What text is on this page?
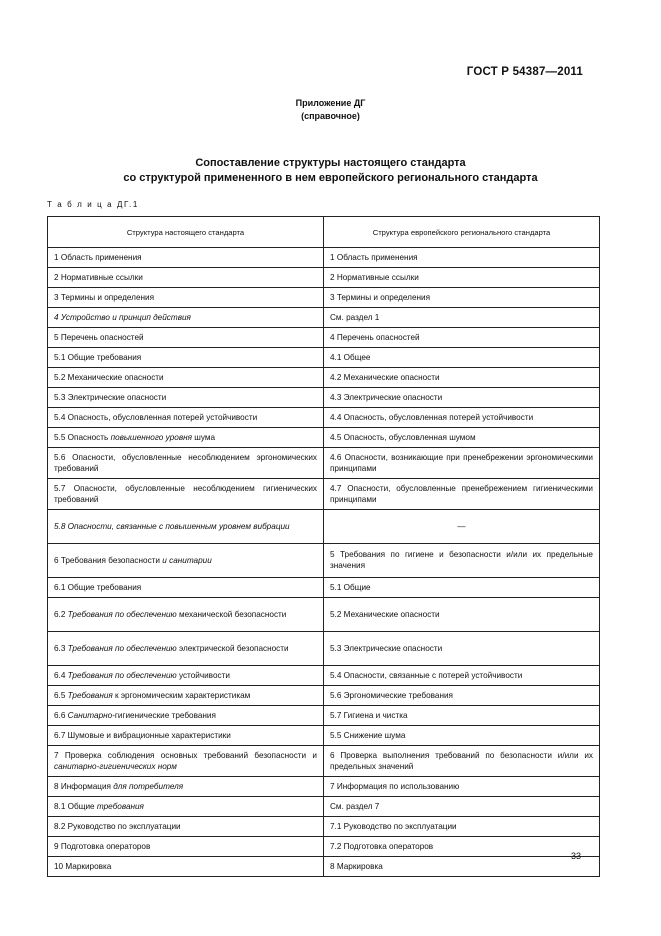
ГОСТ Р 54387—2011
Приложение ДГ
(справочное)
Сопоставление структуры настоящего стандарта
со структурой примененного в нем европейского регионального стандарта
Т а б л и ц а ДГ.1
Структура настоящего стандарта	Структура европейского регионального стандарта
1 Область применения	1 Область применения
2 Нормативные ссылки	2 Нормативные ссылки
3 Термины и определения	3 Термины и определения
4 Устройство и принцип действия	См. раздел 1
5 Перечень опасностей	4 Перечень опасностей
5.1 Общие требования	4.1 Общее
5.2 Механические опасности	4.2 Механические опасности
5.3 Электрические опасности	4.3 Электрические опасности
5.4 Опасность, обусловленная потерей устойчивости	4.4 Опасность, обусловленная потерей устойчивости
5.5 Опасность повышенного уровня шума	4.5 Опасность, обусловленная шумом
5.6 Опасности, обусловленные несоблюдением эргономических требований	4.6 Опасности, возникающие при пренебрежении эргономическими принципами
5.7 Опасности, обусловленные несоблюдением гигиенических требований	4.7 Опасности, обусловленные пренебрежением гигиеническими принципами
5.8 Опасности, связанные с повышенным уровнем вибрации	—
6 Требования безопасности и санитарии	5 Требования по гигиене и безопасности и/или их предельные значения
6.1 Общие требования	5.1 Общие
6.2 Требования по обеспечению механической безопасности	5.2 Механические опасности
6.3 Требования по обеспечению электрической безопасности	5.3 Электрические опасности
6.4 Требования по обеспечению устойчивости	5.4 Опасности, связанные с потерей устойчивости
6.5 Требования к эргономическим характеристикам	5.6 Эргономические требования
6.6 Санитарно-гигиенические требования	5.7 Гигиена и чистка
6.7 Шумовые и вибрационные характеристики	5.5 Снижение шума
7 Проверка соблюдения основных требований безопасности и санитарно-гигиенических норм	6 Проверка выполнения требований по безопасности и/или их предельных значений
8 Информация для потребителя	7 Информация по использованию
8.1 Общие требования	См. раздел 7
8.2 Руководство по эксплуатации	7.1 Руководство по эксплуатации
9 Подготовка операторов	7.2 Подготовка операторов
10 Маркировка	8 Маркировка
33
